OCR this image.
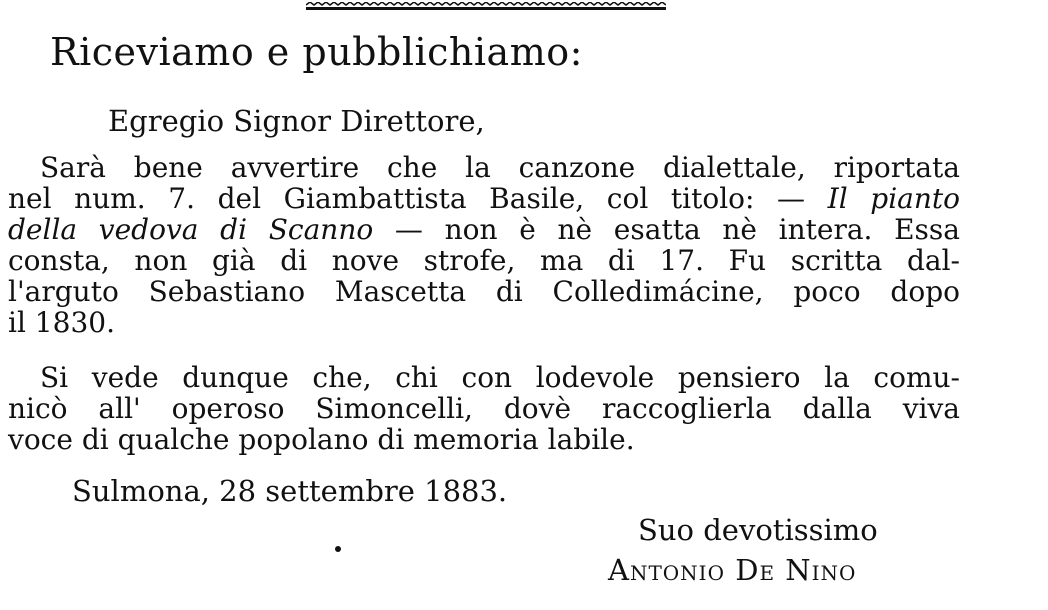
Riceviamo e pubblichiamo:
Egregio Signor Direttore,
Sarà bene avvertire che la canzone dialettale, riportata
nel num. 7. del Giambattista Basile, col titolo: — Il pianto
della vedova di Scanno — non è nè esatta nè intera. Essa
consta, non già di nove strofe, ma di 17. Fu scritta dal-
l'arguto Sebastiano Mascetta di Colledimácine, poco dopo
il 1830.
Si vede dunque che, chi con lodevole pensiero la comu-
nicò all' operoso Simoncelli, dovè raccoglierla dalla viva
voce di qualche popolano di memoria labile.
Sulmona, 28 settembre 1883.
Suo devotissimo
Antonio De Nino
